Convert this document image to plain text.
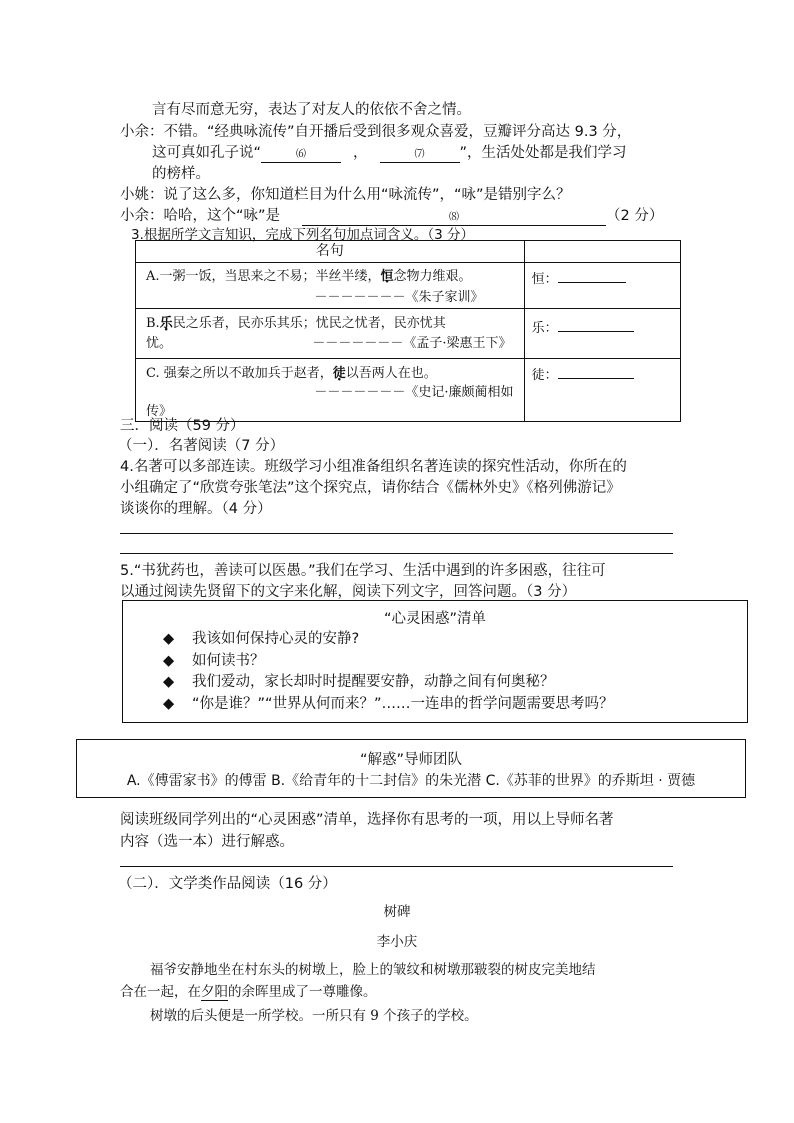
言有尽而意无穷，表达了对友人的依依不舍之情。
小余：不错。“经典咏流传”自开播后受到很多观众喜爱，豆瓣评分高达 9.3 分，
这可真如孔子说“	⑹	，	⑺ ”，生活处处都是我们学习
的榜样。
小姚：说了这么多，你知道栏目为什么用“咏流传”，“咏”是错别字么？
小余：哈哈，这个“咏”是	⑻	（2 分）
3.根据所学文言知识，完成下列名句加点词含义。（3 分）
名句	

A.一粥一饭，当思来之不易；半丝半缕，恒念物力维艰。
－－－－－－－《朱子家训》	恒：

B.乐民之乐者，民亦乐其乐；忧民之忧者，民亦忧其
忧。 －－－－－－－《孟子·梁惠王下》	乐：

C. 强秦之所以不敢加兵于赵者，徒以吾两人在也。
－－－－－－－《史记·廉颇蔺相如
传》	徒：
三．阅读（59 分）
（一）．名著阅读（7 分）
4.名著可以多部连读。班级学习小组准备组织名著连读的探究性活动，你所在的
小组确定了“欣赏夸张笔法”这个探究点，请你结合《儒林外史》《格列佛游记》
谈谈你的理解。（4 分）
5.“书犹药也，善读可以医愚。”我们在学习、生活中遇到的许多困惑，往往可
以通过阅读先贤留下的文字来化解，阅读下列文字，回答问题。（3 分）
“心灵困惑”清单
◆ 我该如何保持心灵的安静?
◆ 如何读书？
◆ 我们爱动，家长却时时提醒要安静，动静之间有何奥秘？
◆ “你是谁？”“世界从何而来？”……一连串的哲学问题需要思考吗？
“解惑”导师团队
A.《傅雷家书》的傅雷 B.《给青年的十二封信》的朱光潜 C.《苏菲的世界》的乔斯坦 · 贾德
阅读班级同学列出的“心灵困惑”清单，选择你有思考的一项，用以上导师名著
内容（选一本）进行解惑。
（二）．文学类作品阅读（16 分）
树碑
李小庆
福爷安静地坐在村东头的树墩上，脸上的皱纹和树墩那皲裂的树皮完美地结
合在一起，在夕阳的余晖里成了一尊雕像。
树墩的后头便是一所学校。一所只有 9 个孩子的学校。
